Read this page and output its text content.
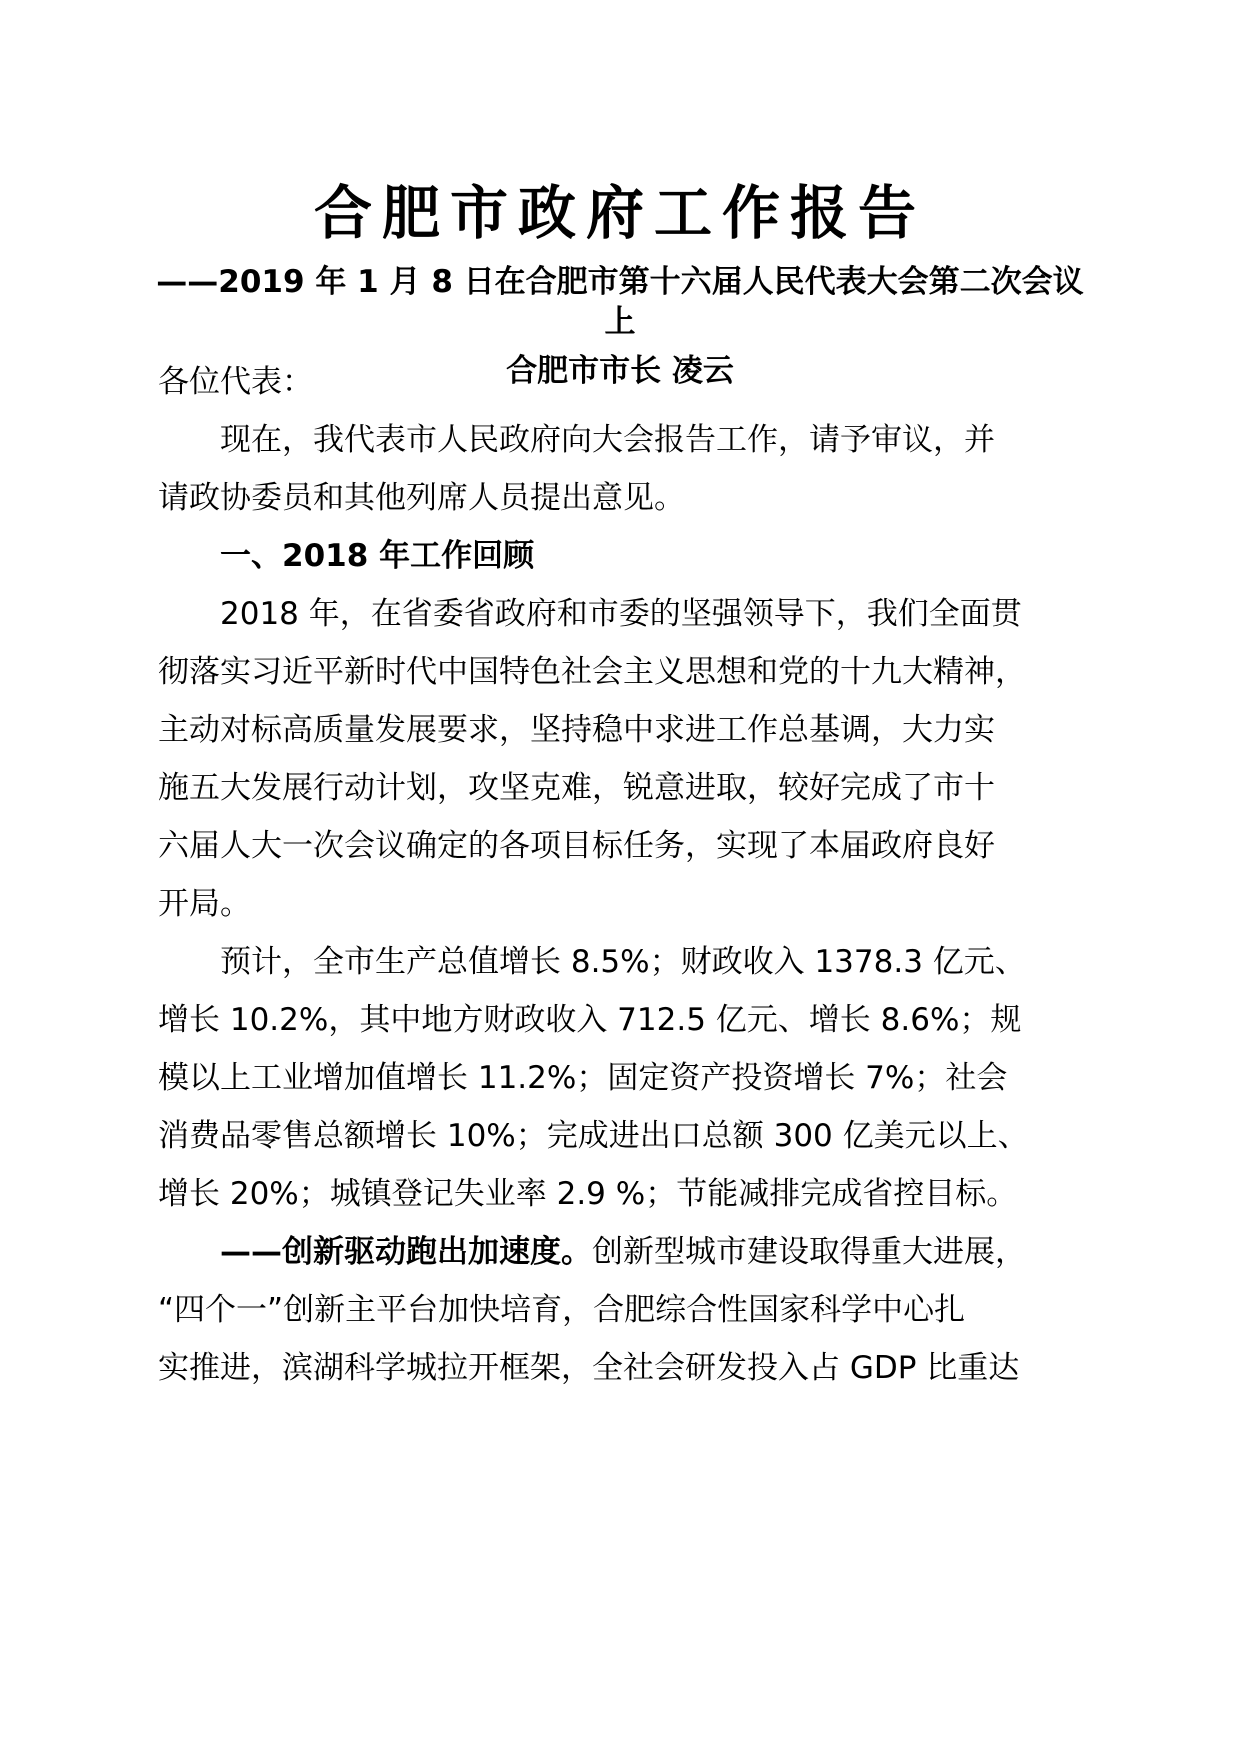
合肥市政府工作报告
——2019 年 1 月 8 日在合肥市第十六届人民代表大会第二次会议
上
合肥市市长 凌云
各位代表：
　　现在，我代表市人民政府向大会报告工作，请予审议，并
请政协委员和其他列席人员提出意见。
　　一、2018 年工作回顾
　　2018 年，在省委省政府和市委的坚强领导下，我们全面贯
彻落实习近平新时代中国特色社会主义思想和党的十九大精神，
主动对标高质量发展要求，坚持稳中求进工作总基调，大力实
施五大发展行动计划，攻坚克难，锐意进取，较好完成了市十
六届人大一次会议确定的各项目标任务，实现了本届政府良好
开局。
　　预计，全市生产总值增长 8.5%；财政收入 1378.3 亿元、
增长 10.2%，其中地方财政收入 712.5 亿元、增长 8.6%；规
模以上工业增加值增长 11.2%；固定资产投资增长 7%；社会
消费品零售总额增长 10%；完成进出口总额 300 亿美元以上、
增长 20%；城镇登记失业率 2.9 %；节能减排完成省控目标。
　　——创新驱动跑出加速度。创新型城市建设取得重大进展，
“四个一”创新主平台加快培育，合肥综合性国家科学中心扎
实推进，滨湖科学城拉开框架，全社会研发投入占 GDP 比重达
